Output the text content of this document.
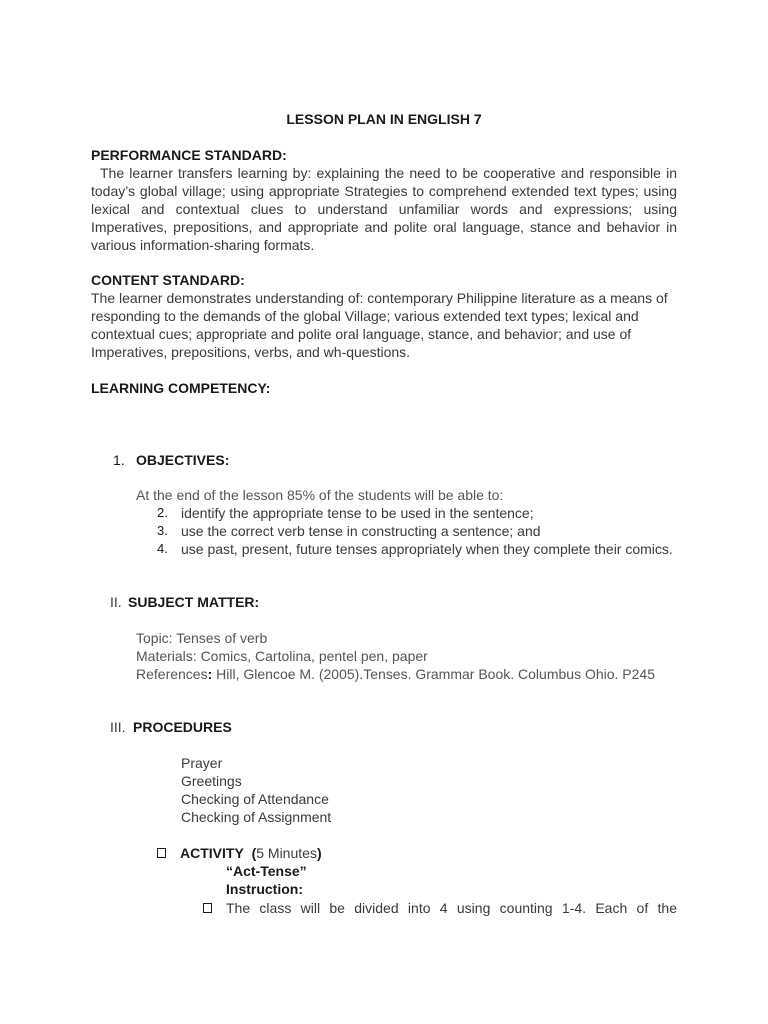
LESSON PLAN IN ENGLISH 7
PERFORMANCE STANDARD:
The learner transfers learning by: explaining the need to be cooperative and responsible in today’s global village; using appropriate Strategies to comprehend extended text types; using lexical and contextual clues to understand unfamiliar words and expressions; using Imperatives, prepositions, and appropriate and polite oral language, stance and behavior in various information-sharing formats.
CONTENT STANDARD:
The learner demonstrates understanding of: contemporary Philippine literature as a means of responding to the demands of the global Village; various extended text types; lexical and contextual cues; appropriate and polite oral language, stance, and behavior; and use of Imperatives, prepositions, verbs, and wh-questions.
LEARNING COMPETENCY:
1. OBJECTIVES:
At the end of the lesson 85% of the students will be able to:
2. identify the appropriate tense to be used in the sentence;
3. use the correct verb tense in constructing a sentence; and
4. use past, present, future tenses appropriately when they complete their comics.
II. SUBJECT MATTER:
Topic: Tenses of verb
Materials: Comics, Cartolina, pentel pen, paper
References: Hill, Glencoe M. (2005).Tenses. Grammar Book. Columbus Ohio. P245
III. PROCEDURES
Prayer
Greetings
Checking of Attendance
Checking of Assignment
ACTIVITY (5 Minutes)
“Act-Tense”
Instruction:
The class will be divided into 4 using counting 1-4. Each of the
